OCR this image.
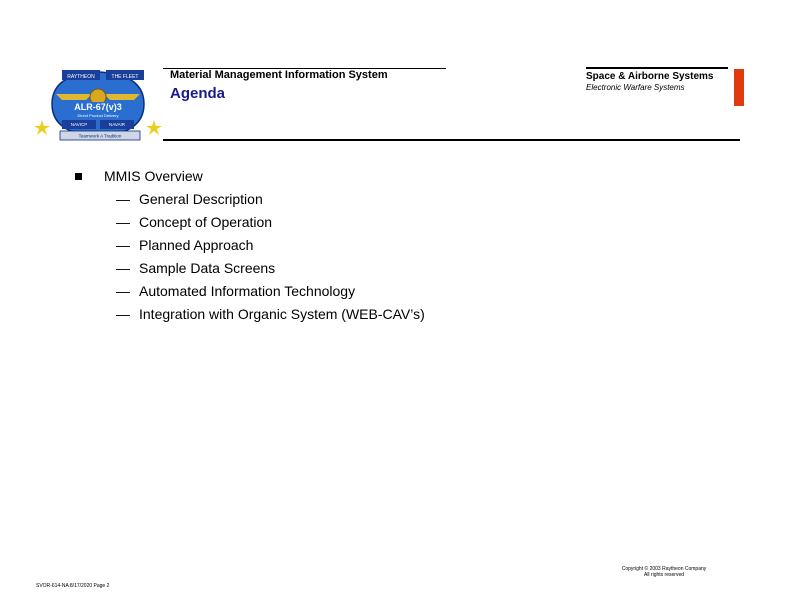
RAYTHEON	THE FLEET
ALR-67(v)3
Direct Product Delivery
NAVICP	NAVAIR
Teamwork A Tradition
Material Management Information System
Agenda
Space & Airborne Systems
Electronic Warfare Systems
MMIS Overview
— General Description
— Concept of Operation
— Planned Approach
— Sample Data Screens
— Automated Information Technology
— Integration with Organic System (WEB-CAV’s)
Copyright © 2003 Raytheon Company
All rights reserved
SVOR-614-NA 8/17/2020 Page 2
